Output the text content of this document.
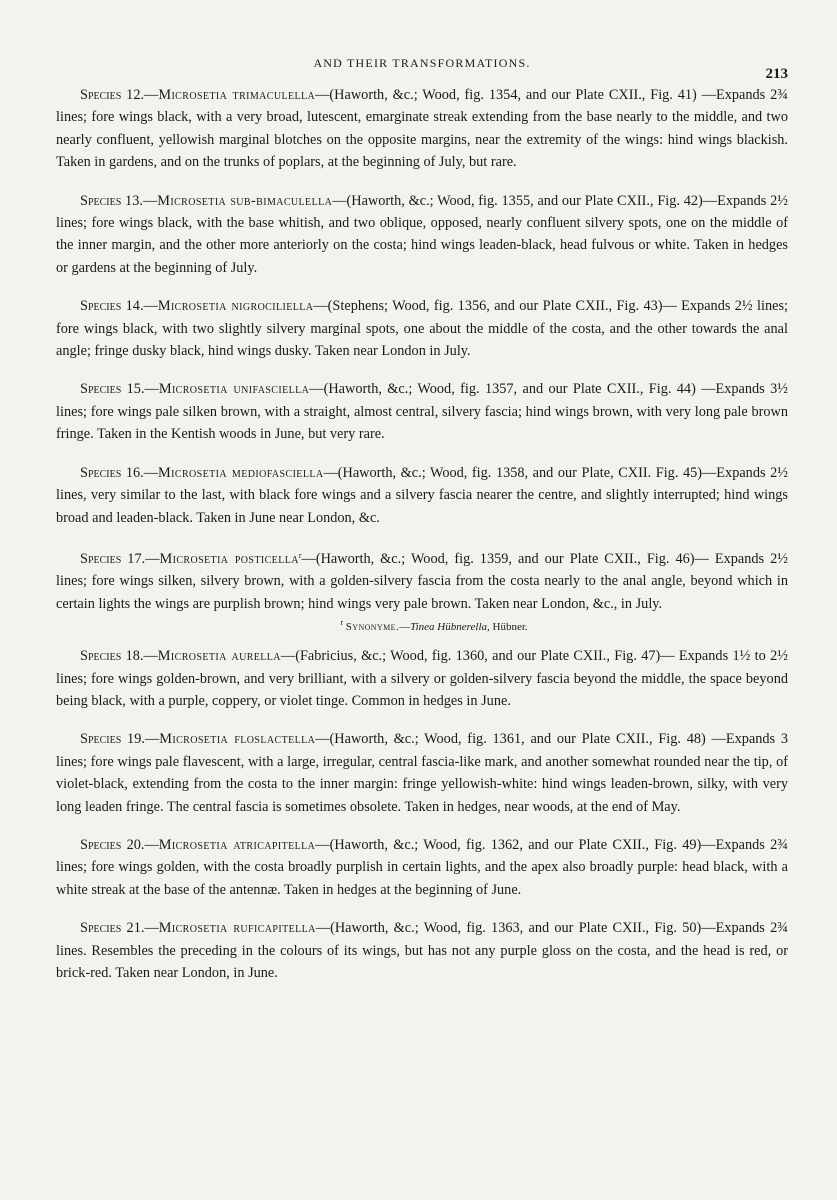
AND THEIR TRANSFORMATIONS.
213

Species 12.—Microsetia trimaculella—(Haworth, &c.; Wood, fig. 1354, and our Plate CXII., Fig. 41) —Expands 2¾ lines; fore wings black, with a very broad, lutescent, emarginate streak extending from the base nearly to the middle, and two nearly confluent, yellowish marginal blotches on the opposite margins, near the extremity of the wings: hind wings blackish. Taken in gardens, and on the trunks of poplars, at the beginning of July, but rare.

Species 13.—Microsetia sub-bimaculella—(Haworth, &c.; Wood, fig. 1355, and our Plate CXII., Fig. 42)—Expands 2½ lines; fore wings black, with the base whitish, and two oblique, opposed, nearly confluent silvery spots, one on the middle of the inner margin, and the other more anteriorly on the costa; hind wings leaden-black, head fulvous or white. Taken in hedges or gardens at the beginning of July.

Species 14.—Microsetia nigrociliella—(Stephens; Wood, fig. 1356, and our Plate CXII., Fig. 43)— Expands 2½ lines; fore wings black, with two slightly silvery marginal spots, one about the middle of the costa, and the other towards the anal angle; fringe dusky black, hind wings dusky. Taken near London in July.

Species 15.—Microsetia unifasciella—(Haworth, &c.; Wood, fig. 1357, and our Plate CXII., Fig. 44) —Expands 3½ lines; fore wings pale silken brown, with a straight, almost central, silvery fascia; hind wings brown, with very long pale brown fringe. Taken in the Kentish woods in June, but very rare.

Species 16.—Microsetia mediofasciella—(Haworth, &c.; Wood, fig. 1358, and our Plate, CXII. Fig. 45)—Expands 2½ lines, very similar to the last, with black fore wings and a silvery fascia nearer the centre, and slightly interrupted; hind wings broad and leaden-black. Taken in June near London, &c.

Species 17.—Microsetia posticella$^r$—(Haworth, &c.; Wood, fig. 1359, and our Plate CXII., Fig. 46)— Expands 2½ lines; fore wings silken, silvery brown, with a golden-silvery fascia from the costa nearly to the anal angle, beyond which in certain lights the wings are purplish brown; hind wings very pale brown. Taken near London, &c., in July.

$^r$ Synonyme.—Tinea Hübnerella, Hübner.

Species 18.—Microsetia aurella—(Fabricius, &c.; Wood, fig. 1360, and our Plate CXII., Fig. 47)— Expands 1½ to 2½ lines; fore wings golden-brown, and very brilliant, with a silvery or golden-silvery fascia beyond the middle, the space beyond being black, with a purple, coppery, or violet tinge. Common in hedges in June.

Species 19.—Microsetia floslactella—(Haworth, &c.; Wood, fig. 1361, and our Plate CXII., Fig. 48) —Expands 3 lines; fore wings pale flavescent, with a large, irregular, central fascia-like mark, and another somewhat rounded near the tip, of violet-black, extending from the costa to the inner margin: fringe yellowish-white: hind wings leaden-brown, silky, with very long leaden fringe. The central fascia is sometimes obsolete. Taken in hedges, near woods, at the end of May.

Species 20.—Microsetia atricapitella—(Haworth, &c.; Wood, fig. 1362, and our Plate CXII., Fig. 49)—Expands 2¾ lines; fore wings golden, with the costa broadly purplish in certain lights, and the apex also broadly purple: head black, with a white streak at the base of the antennæ. Taken in hedges at the beginning of June.

Species 21.—Microsetia ruficapitella—(Haworth, &c.; Wood, fig. 1363, and our Plate CXII., Fig. 50)—Expands 2¾ lines. Resembles the preceding in the colours of its wings, but has not any purple gloss on the costa, and the head is red, or brick-red. Taken near London, in June.
